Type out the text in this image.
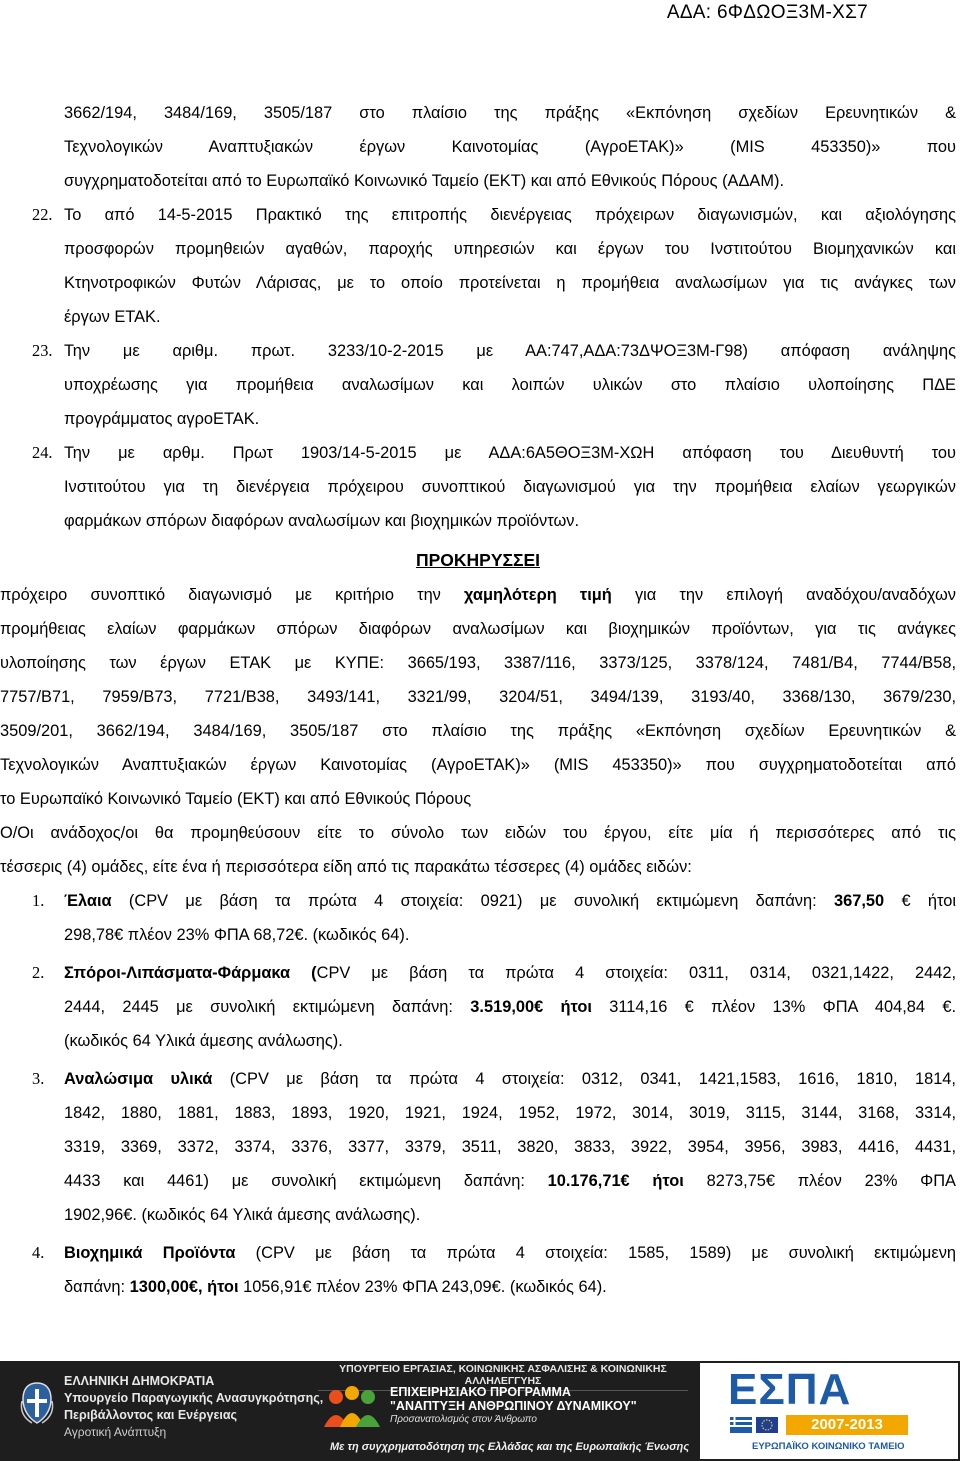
ΑΔΑ: 6ΦΔΩΟΞ3Μ-ΧΣ7
3662/194, 3484/169, 3505/187 στο πλαίσιο της πράξης «Εκπόνηση σχεδίων Ερευνητικών &
Τεχνολογικών Αναπτυξιακών έργων Καινοτομίας (ΑγροΕΤΑΚ)» (MIS 453350)» που
συγχρηματοδοτείται από το Ευρωπαϊκό Κοινωνικό Ταμείο (ΕΚΤ) και από Εθνικούς Πόρους (ΑΔΑΜ).
22. Το από 14-5-2015 Πρακτικό της επιτροπής διενέργειας πρόχειρων διαγωνισμών, και αξιολόγησης
προσφορών προμηθειών αγαθών, παροχής υπηρεσιών και έργων του Ινστιτούτου Βιομηχανικών και
Κτηνοτροφικών Φυτών Λάρισας, με το οποίο προτείνεται η προμήθεια αναλωσίμων για τις ανάγκες των
έργων ΕΤΑΚ.
23. Την με αριθμ. πρωτ. 3233/10-2-2015 με ΑΑ:747,ΑΔΑ:73ΔΨΟΞ3Μ-Γ98) απόφαση ανάληψης
υποχρέωσης για προμήθεια αναλωσίμων και λοιπών υλικών στο πλαίσιο υλοποίησης ΠΔΕ
προγράμματος αγροΕΤΑΚ.
24. Την με αρθμ. Πρωτ 1903/14-5-2015 με ΑΔΑ:6Α5ΘΟΞ3Μ-ΧΩΗ απόφαση του Διευθυντή του
Ινστιτούτου για τη διενέργεια πρόχειρου συνοπτικού διαγωνισμού για την προμήθεια ελαίων γεωργικών
φαρμάκων σπόρων διαφόρων αναλωσίμων και βιοχημικών προϊόντων.
ΠΡΟΚΗΡΥΣΣΕΙ
πρόχειρο συνοπτικό διαγωνισμό με κριτήριο την χαμηλότερη τιμή για την επιλογή αναδόχου/αναδόχων
προμήθειας ελαίων φαρμάκων σπόρων διαφόρων αναλωσίμων και βιοχημικών προϊόντων, για τις ανάγκες
υλοποίησης των έργων ΕΤΑΚ με ΚΥΠΕ: 3665/193, 3387/116, 3373/125, 3378/124, 7481/Β4, 7744/Β58,
7757/Β71, 7959/Β73, 7721/Β38, 3493/141, 3321/99, 3204/51, 3494/139, 3193/40, 3368/130, 3679/230,
3509/201, 3662/194, 3484/169, 3505/187 στο πλαίσιο της πράξης «Εκπόνηση σχεδίων Ερευνητικών &
Τεχνολογικών Αναπτυξιακών έργων Καινοτομίας (ΑγροΕΤΑΚ)» (MIS 453350)» που συγχρηματοδοτείται από
το Ευρωπαϊκό Κοινωνικό Ταμείο (ΕΚΤ) και από Εθνικούς Πόρους
Ο/Οι ανάδοχος/οι θα προμηθεύσουν είτε το σύνολο των ειδών του έργου, είτε μία ή περισσότερες από τις
τέσσερις (4) ομάδες, είτε ένα ή περισσότερα είδη από τις παρακάτω τέσσερες (4) ομάδες ειδών:
1.	Έλαια (CPV με βάση τα πρώτα 4 στοιχεία: 0921) με συνολική εκτιμώμενη δαπάνη: 367,50 € ήτοι
298,78€ πλέον 23% ΦΠΑ 68,72€. (κωδικός 64).
2.	Σπόροι-Λιπάσματα-Φάρμακα (CPV με βάση τα πρώτα 4 στοιχεία: 0311, 0314, 0321,1422, 2442,
2444, 2445 με συνολική εκτιμώμενη δαπάνη: 3.519,00€ ήτοι 3114,16 € πλέον 13% ΦΠΑ 404,84 €.
(κωδικός 64 Υλικά άμεσης ανάλωσης).
3.	Αναλώσιμα υλικά (CPV με βάση τα πρώτα 4 στοιχεία: 0312, 0341, 1421,1583, 1616, 1810, 1814,
1842, 1880, 1881, 1883, 1893, 1920, 1921, 1924, 1952, 1972, 3014, 3019, 3115, 3144, 3168, 3314,
3319, 3369, 3372, 3374, 3376, 3377, 3379, 3511, 3820, 3833, 3922, 3954, 3956, 3983, 4416, 4431,
4433 και 4461) με συνολική εκτιμώμενη δαπάνη: 10.176,71€ ήτοι 8273,75€ πλέον 23% ΦΠΑ
1902,96€. (κωδικός 64 Υλικά άμεσης ανάλωσης).
4.	Βιοχημικά Προϊόντα (CPV με βάση τα πρώτα 4 στοιχεία: 1585, 1589) με συνολική εκτιμώμενη
δαπάνη: 1300,00€, ήτοι 1056,91€ πλέον 23% ΦΠΑ 243,09€. (κωδικός 64).
ΕΛΛΗΝΙΚΗ ΔΗΜΟΚΡΑΤΙΑ
Υπουργείο Παραγωγικής Ανασυγκρότησης,
Περιβάλλοντος και Ενέργειας
Αγροτική Ανάπτυξη
ΥΠΟΥΡΓΕΙΟ ΕΡΓΑΣΙΑΣ, ΚΟΙΝΩΝΙΚΗΣ ΑΣΦΑΛΙΣΗΣ & ΚΟΙΝΩΝΙΚΗΣ ΑΛΛΗΛΕΓΓΥΗΣ
ΕΠΙΧΕΙΡΗΣΙΑΚΟ ΠΡΟΓΡΑΜΜΑ
"ΑΝΑΠΤΥΞΗ ΑΝΘΡΩΠΙΝΟΥ ΔΥΝΑΜΙΚΟΥ"
Προσανατολισμός στον Άνθρωπο
Με τη συγχρηματοδότηση της Ελλάδας και της Ευρωπαϊκής Ένωσης
ΕΣΠΑ
2007-2013
ΕΥΡΩΠΑΪΚΟ ΚΟΙΝΩΝΙΚΟ ΤΑΜΕΙΟ
